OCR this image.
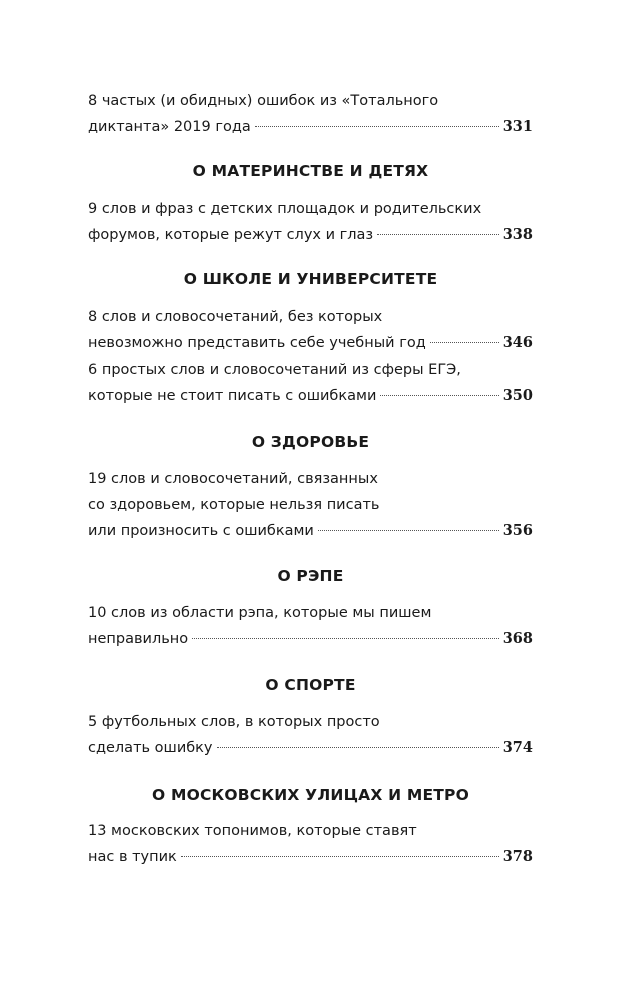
8 частых (и обидных) ошибок из «Тотального
диктанта» 2019 года	331
О МАТЕРИНСТВЕ И ДЕТЯХ
9 слов и фраз с детских площадок и родительских
форумов, которые режут слух и глаз	338
О ШКОЛЕ И УНИВЕРСИТЕТЕ
8 слов и словосочетаний, без которых
невозможно представить себе учебный год	346
6 простых слов и словосочетаний из сферы ЕГЭ,
которые не стоит писать с ошибками	350
О ЗДОРОВЬЕ
19 слов и словосочетаний, связанных
со здоровьем, которые нельзя писать
или произносить с ошибками	356
О РЭПЕ
10 слов из области рэпа, которые мы пишем
неправильно	368
О СПОРТЕ
5 футбольных слов, в которых просто
сделать ошибку	374
О МОСКОВСКИХ УЛИЦАХ И МЕТРО
13 московских топонимов, которые ставят
нас в тупик	378
